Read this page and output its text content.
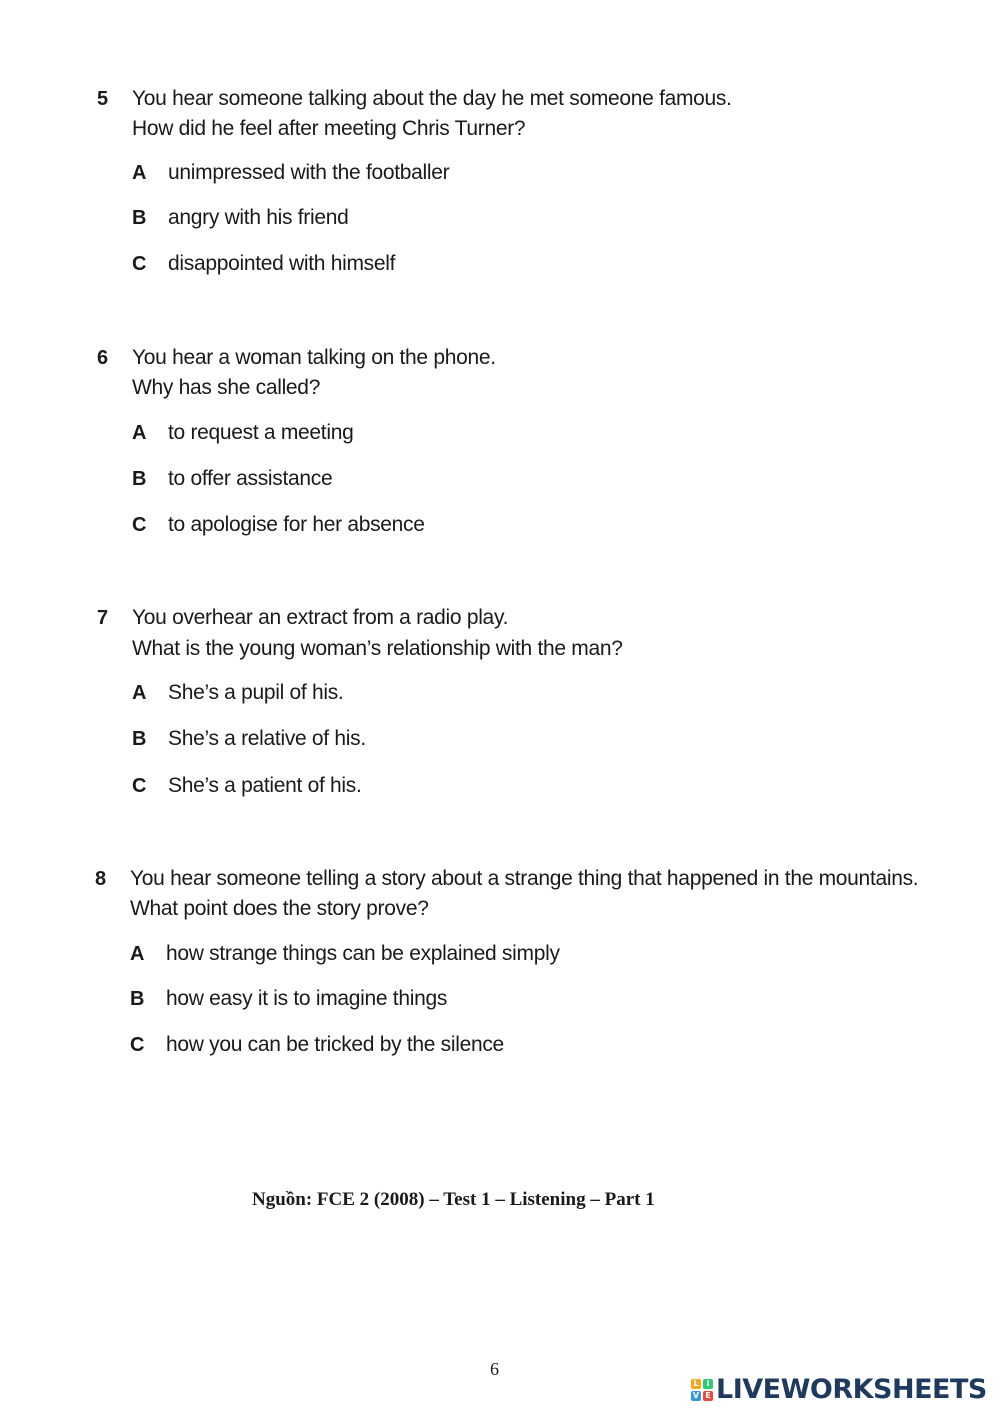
5 You hear someone talking about the day he met someone famous.
How did he feel after meeting Chris Turner?
A unimpressed with the footballer
B angry with his friend
C disappointed with himself
6 You hear a woman talking on the phone.
Why has she called?
A to request a meeting
B to offer assistance
C to apologise for her absence
7 You overhear an extract from a radio play.
What is the young woman’s relationship with the man?
A She’s a pupil of his.
B She’s a relative of his.
C She’s a patient of his.
8 You hear someone telling a story about a strange thing that happened in the mountains.
What point does the story prove?
A how strange things can be explained simply
B how easy it is to imagine things
C how you can be tricked by the silence
Nguồn: FCE 2 (2008) – Test 1 – Listening – Part 1
6
L I
V E LIVEWORKSHEETS
